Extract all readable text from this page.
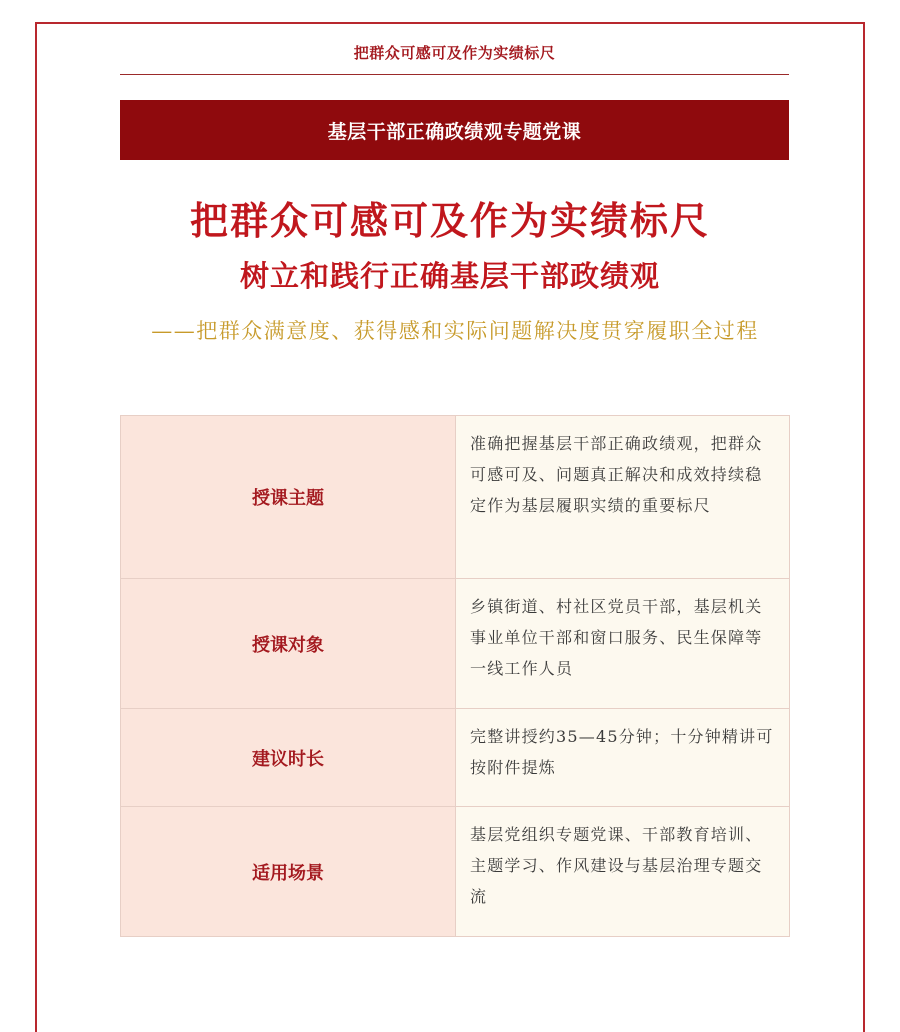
把群众可感可及作为实绩标尺
基层干部正确政绩观专题党课
把群众可感可及作为实绩标尺
树立和践行正确基层干部政绩观
——把群众满意度、获得感和实际问题解决度贯穿履职全过程
授课主题	准确把握基层干部正确政绩观，把群众可感可及、问题真正解决和成效持续稳定作为基层履职实绩的重要标尺
授课对象	乡镇街道、村社区党员干部，基层机关事业单位干部和窗口服务、民生保障等一线工作人员
建议时长	完整讲授约35—45分钟；十分钟精讲可按附件提炼
适用场景	基层党组织专题党课、干部教育培训、主题学习、作风建设与基层治理专题交流
